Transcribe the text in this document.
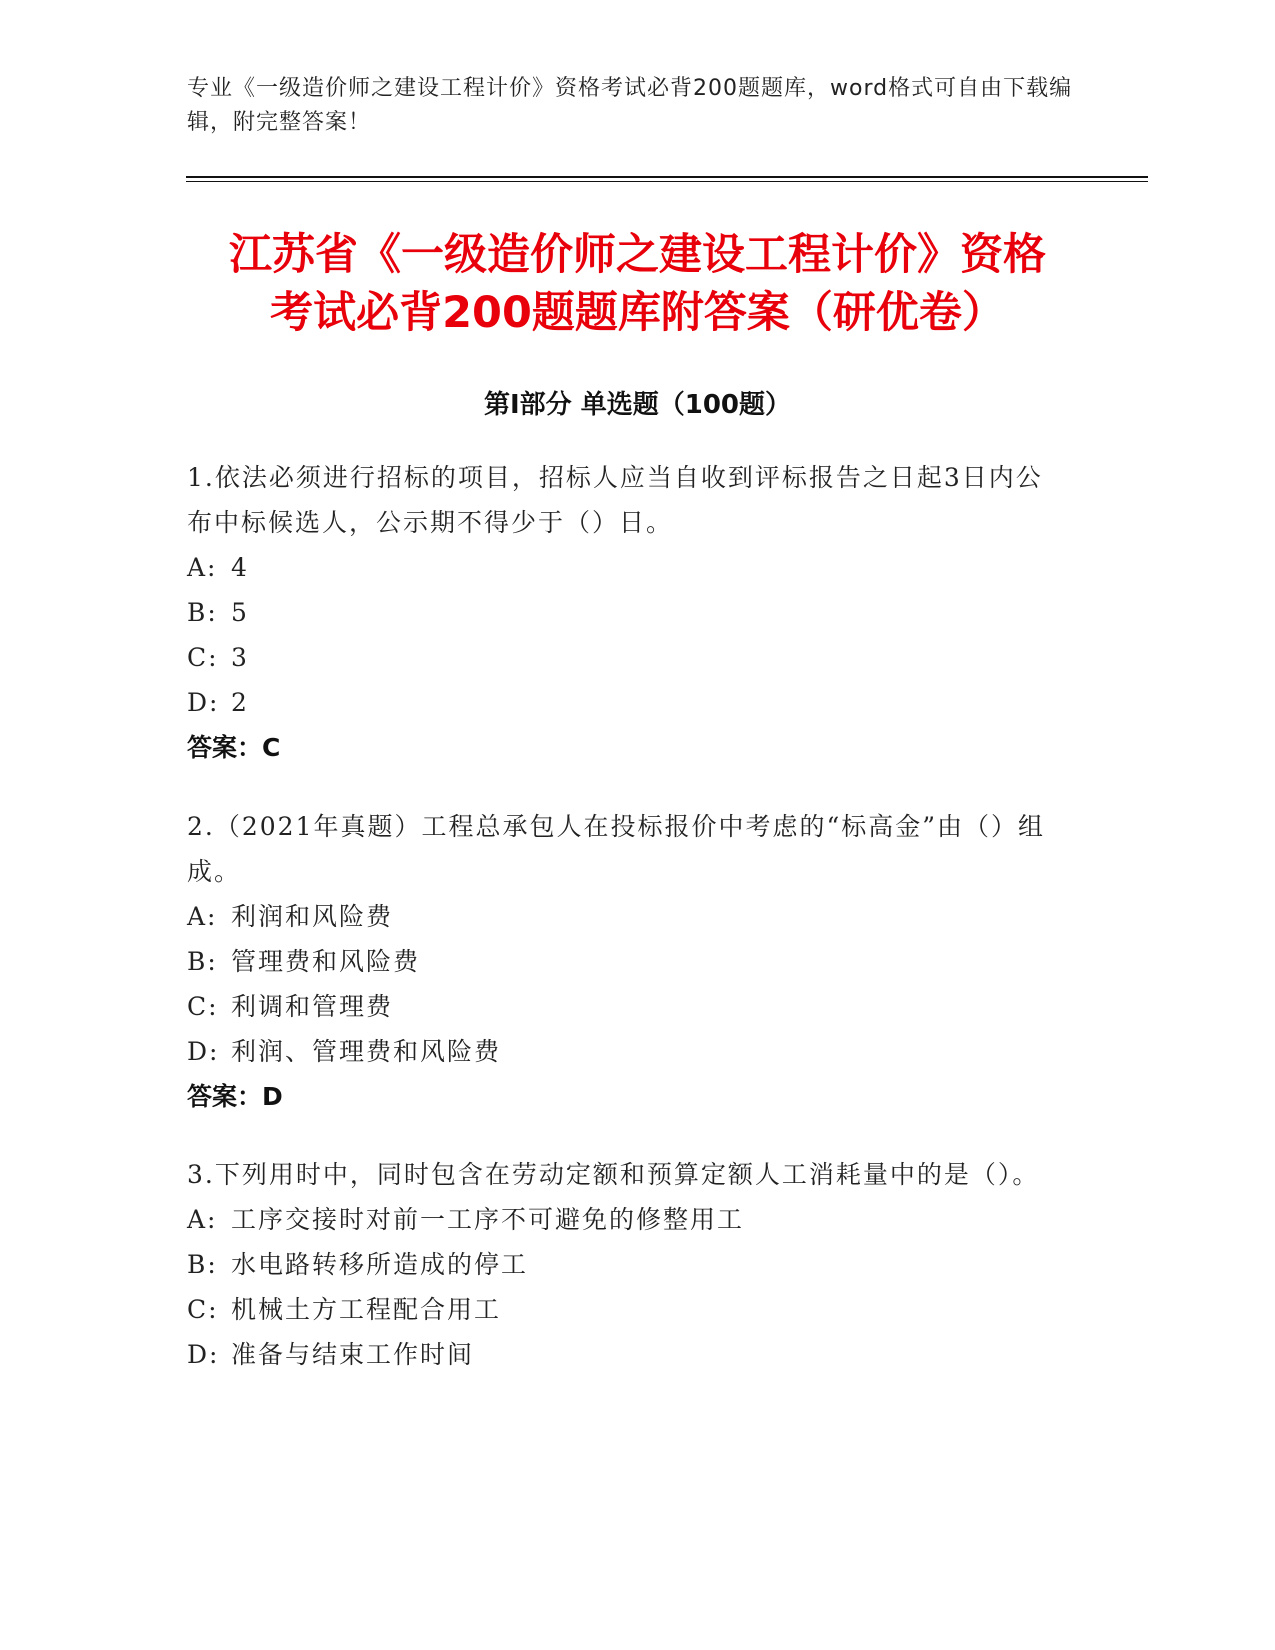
专业《一级造价师之建设工程计价》资格考试必背200题题库，word格式可自由下载编辑，附完整答案！
江苏省《一级造价师之建设工程计价》资格
考试必背200题题库附答案（研优卷）
第Ⅰ部分 单选题（100题）
1.依法必须进行招标的项目，招标人应当自收到评标报告之日起3日内公布中标候选人，公示期不得少于（）日。
A: 4
B: 5
C: 3
D: 2
答案：C
2.（2021年真题）工程总承包人在投标报价中考虑的“标高金”由（）组成。
A: 利润和风险费
B: 管理费和风险费
C: 利调和管理费
D: 利润、管理费和风险费
答案：D
3.下列用时中，同时包含在劳动定额和预算定额人工消耗量中的是（）。
A: 工序交接时对前一工序不可避免的修整用工
B: 水电路转移所造成的停工
C: 机械土方工程配合用工
D: 准备与结束工作时间
